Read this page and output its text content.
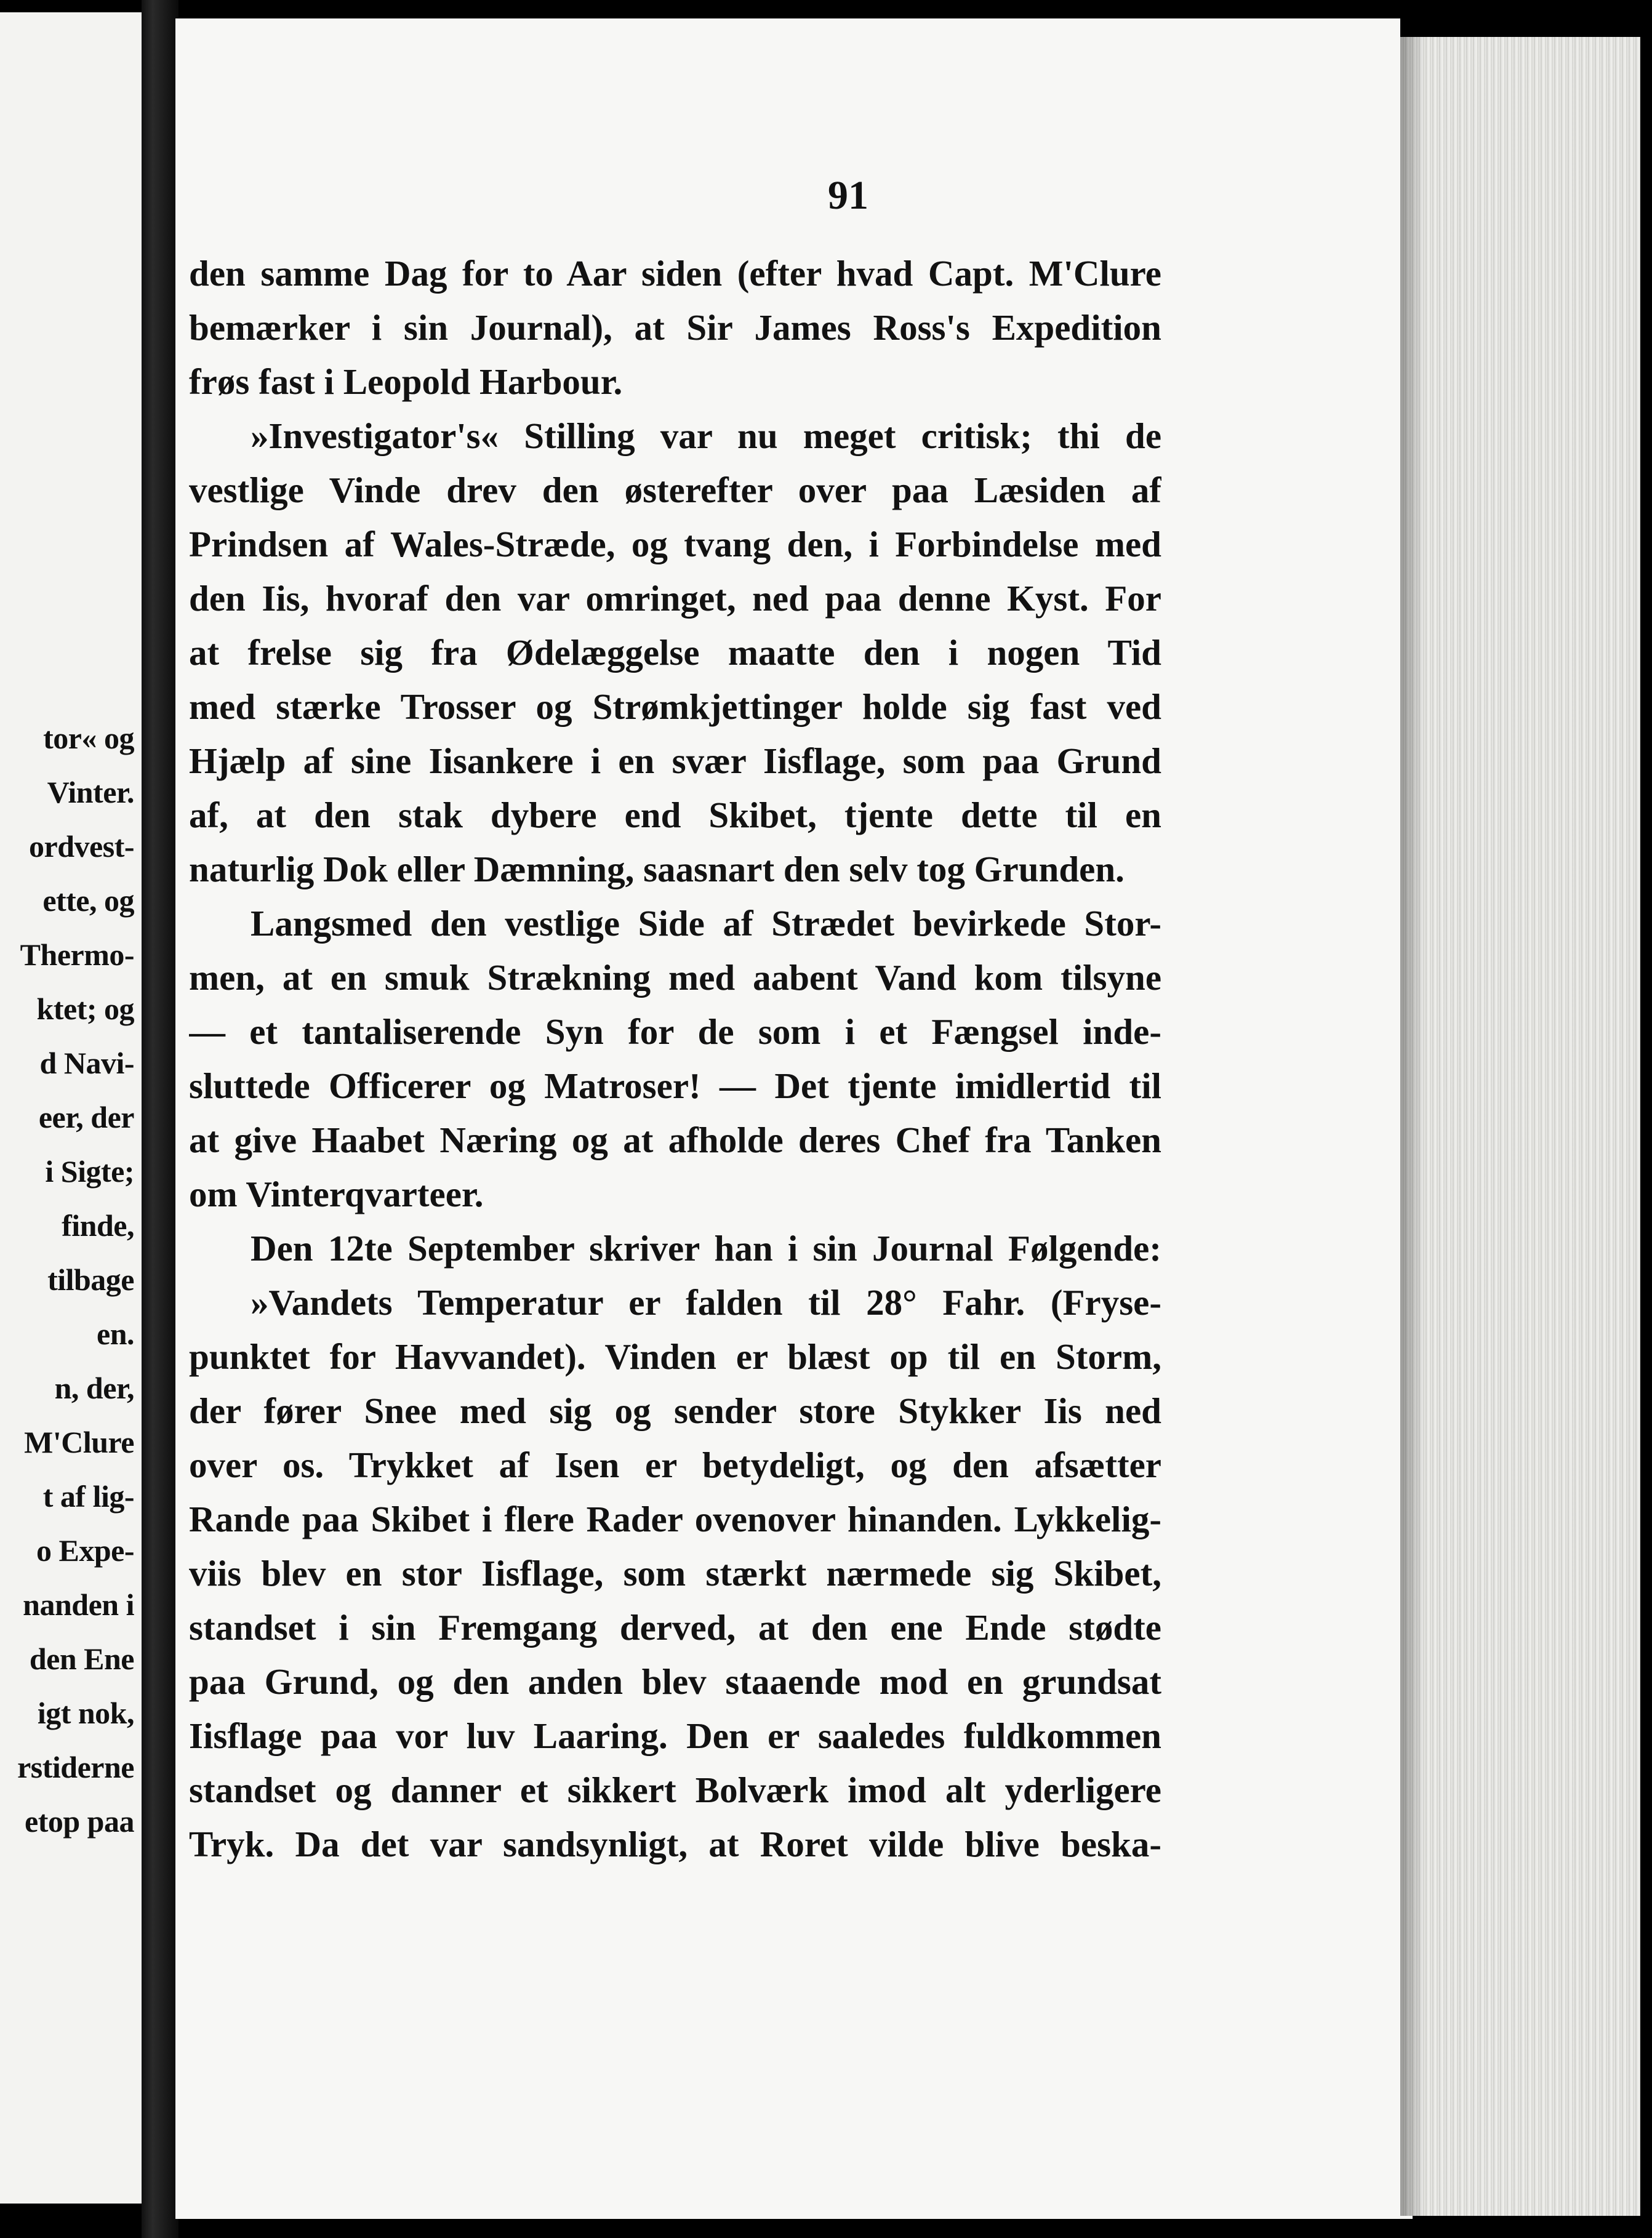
tor« og
Vinter.
ordvest-
ette, og
Thermo-
ktet; og
d Navi-
eer, der
i Sigte;
finde,
tilbage
en.
n, der,
M'Clure
t af lig-
o Expe-
nanden i
den Ene
igt nok,
rstiderne
etop paa
91
den samme Dag for to Aar siden (efter hvad Capt. M'Clure
bemærker i sin Journal), at Sir James Ross's Expedition
frøs fast i Leopold Harbour.
»Investigator's« Stilling var nu meget critisk; thi de
vestlige Vinde drev den østerefter over paa Læsiden af
Prindsen af Wales-Stræde, og tvang den, i Forbindelse med
den Iis, hvoraf den var omringet, ned paa denne Kyst. For
at frelse sig fra Ødelæggelse maatte den i nogen Tid
med stærke Trosser og Strømkjettinger holde sig fast ved
Hjælp af sine Iisankere i en svær Iisflage, som paa Grund
af, at den stak dybere end Skibet, tjente dette til en
naturlig Dok eller Dæmning, saasnart den selv tog Grunden.
Langsmed den vestlige Side af Strædet bevirkede Stor-
men, at en smuk Strækning med aabent Vand kom tilsyne
— et tantaliserende Syn for de som i et Fængsel inde-
sluttede Officerer og Matroser! — Det tjente imidlertid til
at give Haabet Næring og at afholde deres Chef fra Tanken
om Vinterqvarteer.
Den 12te September skriver han i sin Journal Følgende:
»Vandets Temperatur er falden til 28° Fahr. (Fryse-
punktet for Havvandet). Vinden er blæst op til en Storm,
der fører Snee med sig og sender store Stykker Iis ned
over os. Trykket af Isen er betydeligt, og den afsætter
Rande paa Skibet i flere Rader ovenover hinanden. Lykkelig-
viis blev en stor Iisflage, som stærkt nærmede sig Skibet,
standset i sin Fremgang derved, at den ene Ende stødte
paa Grund, og den anden blev staaende mod en grundsat
Iisflage paa vor luv Laaring. Den er saaledes fuldkommen
standset og danner et sikkert Bolværk imod alt yderligere
Tryk. Da det var sandsynligt, at Roret vilde blive beska-
